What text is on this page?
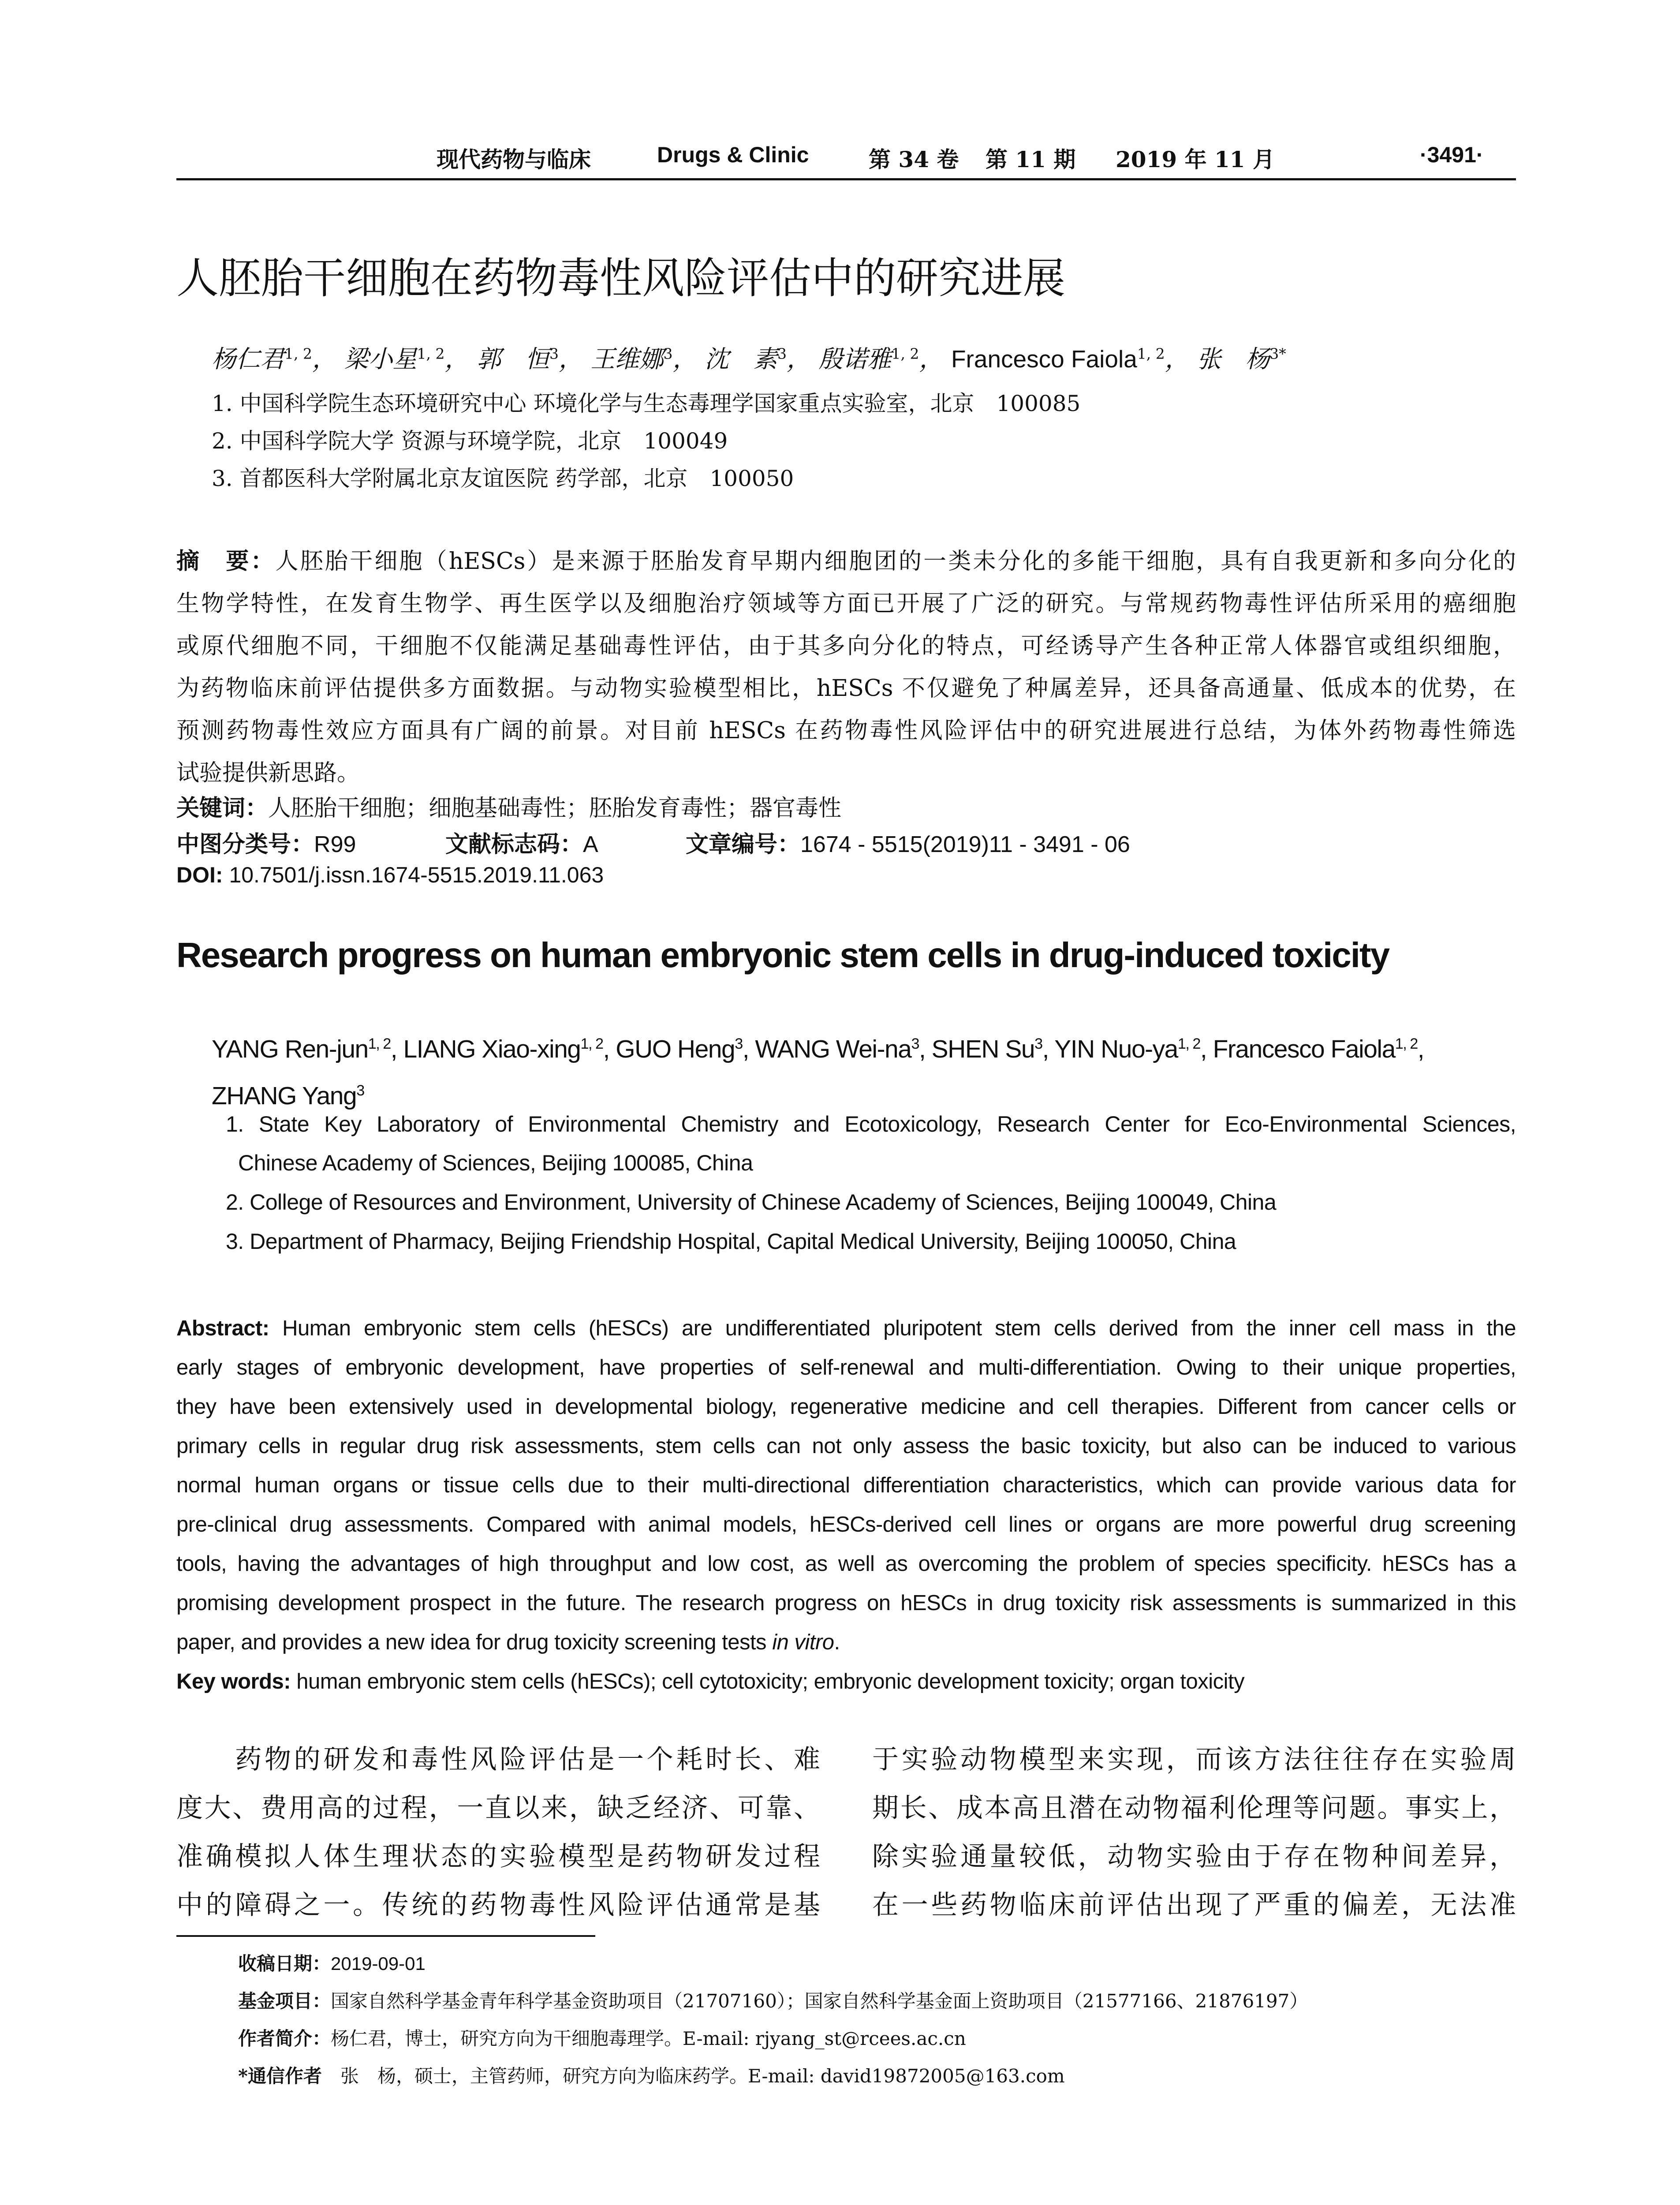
现代药物与临床	Drugs & Clinic	第 34 卷 第 11 期 2019 年 11 月	·3491·
人胚胎干细胞在药物毒性风险评估中的研究进展
杨仁君$^{1, 2}$， 梁小星$^{1, 2}$， 郭　恒$^3$， 王维娜$^3$， 沈　素$^3$， 殷诺雅$^{1, 2}$， Francesco Faiola$^{1, 2}$， 张　杨$^{3*}$
1. 中国科学院生态环境研究中心 环境化学与生态毒理学国家重点实验室，北京　100085
2. 中国科学院大学 资源与环境学院，北京　100049
3. 首都医科大学附属北京友谊医院 药学部，北京　100050
摘　要：人胚胎干细胞（hESCs）是来源于胚胎发育早期内细胞团的一类未分化的多能干细胞，具有自我更新和多向分化的
生物学特性，在发育生物学、再生医学以及细胞治疗领域等方面已开展了广泛的研究。与常规药物毒性评估所采用的癌细胞
或原代细胞不同，干细胞不仅能满足基础毒性评估，由于其多向分化的特点，可经诱导产生各种正常人体器官或组织细胞，
为药物临床前评估提供多方面数据。与动物实验模型相比，hESCs 不仅避免了种属差异，还具备高通量、低成本的优势，在
预测药物毒性效应方面具有广阔的前景。对目前 hESCs 在药物毒性风险评估中的研究进展进行总结，为体外药物毒性筛选
试验提供新思路。
关键词：人胚胎干细胞；细胞基础毒性；胚胎发育毒性；器官毒性
中图分类号：R99	文献标志码：A	文章编号：1674 - 5515(2019)11 - 3491 - 06
DOI: 10.7501/j.issn.1674-5515.2019.11.063
Research progress on human embryonic stem cells in drug-induced toxicity
YANG Ren-jun$^{1, 2}$, LIANG Xiao-xing$^{1, 2}$, GUO Heng$^3$, WANG Wei-$na^3$, SHEN Su$^3$, YIN Nuo-ya$^{1, 2}$, Francesco Faiola$^{1, 2}$,
ZHANG Yang$^3$
1. State Key Laboratory of Environmental Chemistry and Ecotoxicology, Research Center for Eco-Environmental Sciences,
Chinese Academy of Sciences, Beijing 100085, China
2. College of Resources and Environment, University of Chinese Academy of Sciences, Beijing 100049, China
3. Department of Pharmacy, Beijing Friendship Hospital, Capital Medical University, Beijing 100050, China
Abstract: Human embryonic stem cells (hESCs) are undifferentiated pluripotent stem cells derived from the inner cell mass in the
early stages of embryonic development, have properties of self-renewal and multi-differentiation. Owing to their unique properties,
they have been extensively used in developmental biology, regenerative medicine and cell therapies. Different from cancer cells or
primary cells in regular drug risk assessments, stem cells can not only assess the basic toxicity, but also can be induced to various
normal human organs or tissue cells due to their multi-directional differentiation characteristics, which can provide various data for
pre-clinical drug assessments. Compared with animal models, hESCs-derived cell lines or organs are more powerful drug screening
tools, having the advantages of high throughput and low cost, as well as overcoming the problem of species specificity. hESCs has a
promising development prospect in the future. The research progress on hESCs in drug toxicity risk assessments is summarized in this
paper, and provides a new idea for drug toxicity screening tests in vitro.
Key words: human embryonic stem cells (hESCs); cell cytotoxicity; embryonic development toxicity; organ toxicity
　　药物的研发和毒性风险评估是一个耗时长、难
度大、费用高的过程，一直以来，缺乏经济、可靠、
准确模拟人体生理状态的实验模型是药物研发过程
中的障碍之一。传统的药物毒性风险评估通常是基
于实验动物模型来实现，而该方法往往存在实验周
期长、成本高且潜在动物福利伦理等问题。事实上，
除实验通量较低，动物实验由于存在物种间差异，
在一些药物临床前评估出现了严重的偏差，无法准
收稿日期：2019-09-01
基金项目：国家自然科学基金青年科学基金资助项目（21707160）；国家自然科学基金面上资助项目（21577166、21876197）
作者简介：杨仁君，博士，研究方向为干细胞毒理学。E-mail: rjyang_st@rcees.ac.cn
*通信作者　张　杨，硕士，主管药师，研究方向为临床药学。E-mail: david19872005@163.com
